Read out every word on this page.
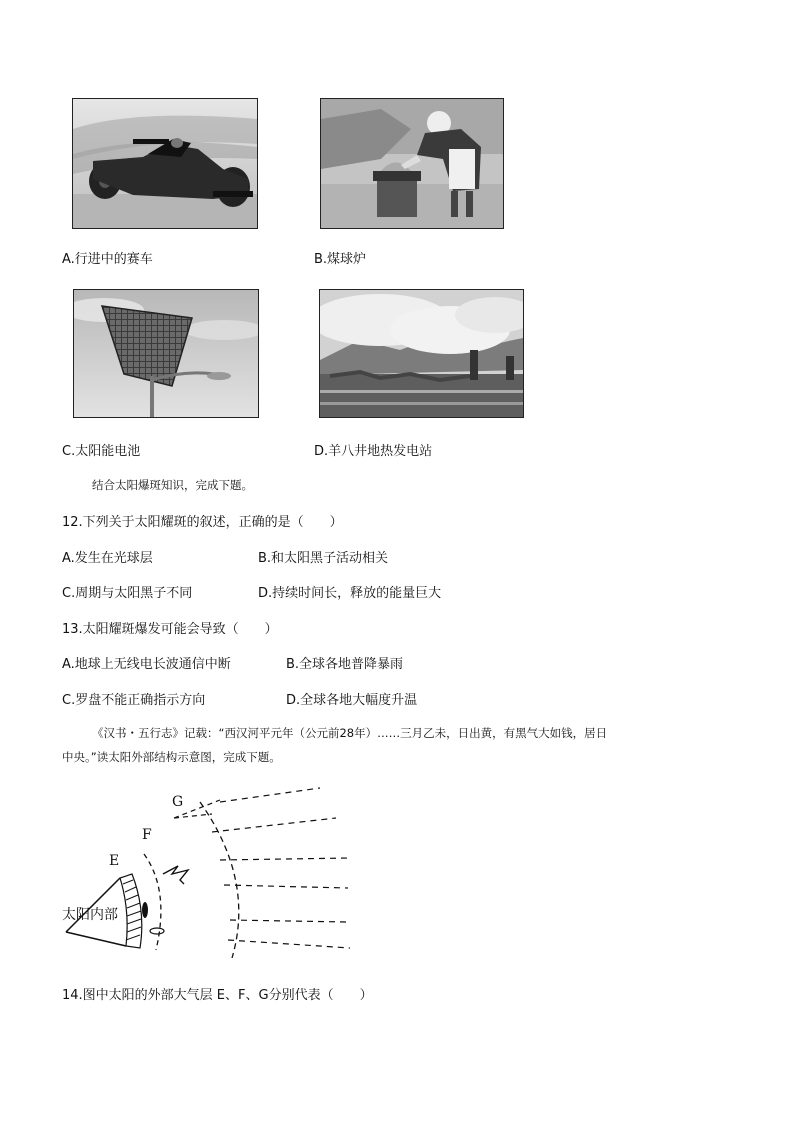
A.行进中的赛车	B.煤球炉
C.太阳能电池	D.羊八井地热发电站
结合太阳爆斑知识，完成下题。
12.下列关于太阳耀斑的叙述，正确的是（　　）
A.发生在光球层	B.和太阳黑子活动相关
C.周期与太阳黑子不同	D.持续时间长，释放的能量巨大
13.太阳耀斑爆发可能会导致（　　）
A.地球上无线电长波通信中断	B.全球各地普降暴雨
C.罗盘不能正确指示方向	D.全球各地大幅度升温
《汉书・五行志》记载：“西汉河平元年（公元前28年）……三月乙未，日出黄，有黑气大如钱，居日
中央。”读太阳外部结构示意图，完成下题。
G
F
E
太阳内部
14.图中太阳的外部大气层 E、F、G分别代表（　　）
